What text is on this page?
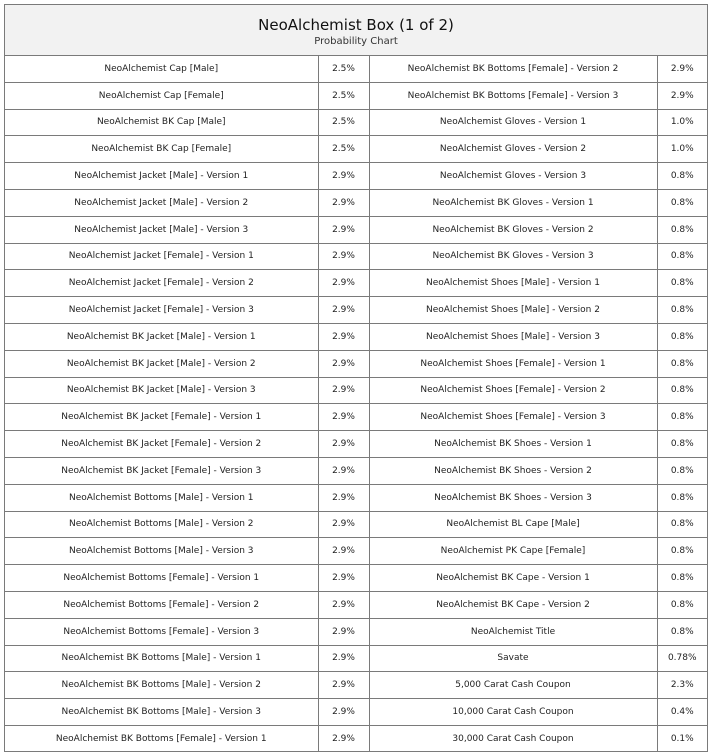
NeoAlchemist Box (1 of 2)
Probability Chart
NeoAlchemist Cap [Male]	2.5%	NeoAlchemist BK Bottoms [Female] - Version 2	2.9%
NeoAlchemist Cap [Female]	2.5%	NeoAlchemist BK Bottoms [Female] - Version 3	2.9%
NeoAlchemist BK Cap [Male]	2.5%	NeoAlchemist Gloves - Version 1	1.0%
NeoAlchemist BK Cap [Female]	2.5%	NeoAlchemist Gloves - Version 2	1.0%
NeoAlchemist Jacket [Male] - Version 1	2.9%	NeoAlchemist Gloves - Version 3	0.8%
NeoAlchemist Jacket [Male] - Version 2	2.9%	NeoAlchemist BK Gloves - Version 1	0.8%
NeoAlchemist Jacket [Male] - Version 3	2.9%	NeoAlchemist BK Gloves - Version 2	0.8%
NeoAlchemist Jacket [Female] - Version 1	2.9%	NeoAlchemist BK Gloves - Version 3	0.8%
NeoAlchemist Jacket [Female] - Version 2	2.9%	NeoAlchemist Shoes [Male] - Version 1	0.8%
NeoAlchemist Jacket [Female] - Version 3	2.9%	NeoAlchemist Shoes [Male] - Version 2	0.8%
NeoAlchemist BK Jacket [Male] - Version 1	2.9%	NeoAlchemist Shoes [Male] - Version 3	0.8%
NeoAlchemist BK Jacket [Male] - Version 2	2.9%	NeoAlchemist Shoes [Female] - Version 1	0.8%
NeoAlchemist BK Jacket [Male] - Version 3	2.9%	NeoAlchemist Shoes [Female] - Version 2	0.8%
NeoAlchemist BK Jacket [Female] - Version 1	2.9%	NeoAlchemist Shoes [Female] - Version 3	0.8%
NeoAlchemist BK Jacket [Female] - Version 2	2.9%	NeoAlchemist BK Shoes - Version 1	0.8%
NeoAlchemist BK Jacket [Female] - Version 3	2.9%	NeoAlchemist BK Shoes - Version 2	0.8%
NeoAlchemist Bottoms [Male] - Version 1	2.9%	NeoAlchemist BK Shoes - Version 3	0.8%
NeoAlchemist Bottoms [Male] - Version 2	2.9%	NeoAlchemist BL Cape [Male]	0.8%
NeoAlchemist Bottoms [Male] - Version 3	2.9%	NeoAlchemist PK Cape [Female]	0.8%
NeoAlchemist Bottoms [Female] - Version 1	2.9%	NeoAlchemist BK Cape - Version 1	0.8%
NeoAlchemist Bottoms [Female] - Version 2	2.9%	NeoAlchemist BK Cape - Version 2	0.8%
NeoAlchemist Bottoms [Female] - Version 3	2.9%	NeoAlchemist Title	0.8%
NeoAlchemist BK Bottoms [Male] - Version 1	2.9%	Savate	0.78%
NeoAlchemist BK Bottoms [Male] - Version 2	2.9%	5,000 Carat Cash Coupon	2.3%
NeoAlchemist BK Bottoms [Male] - Version 3	2.9%	10,000 Carat Cash Coupon	0.4%
NeoAlchemist BK Bottoms [Female] - Version 1	2.9%	30,000 Carat Cash Coupon	0.1%
